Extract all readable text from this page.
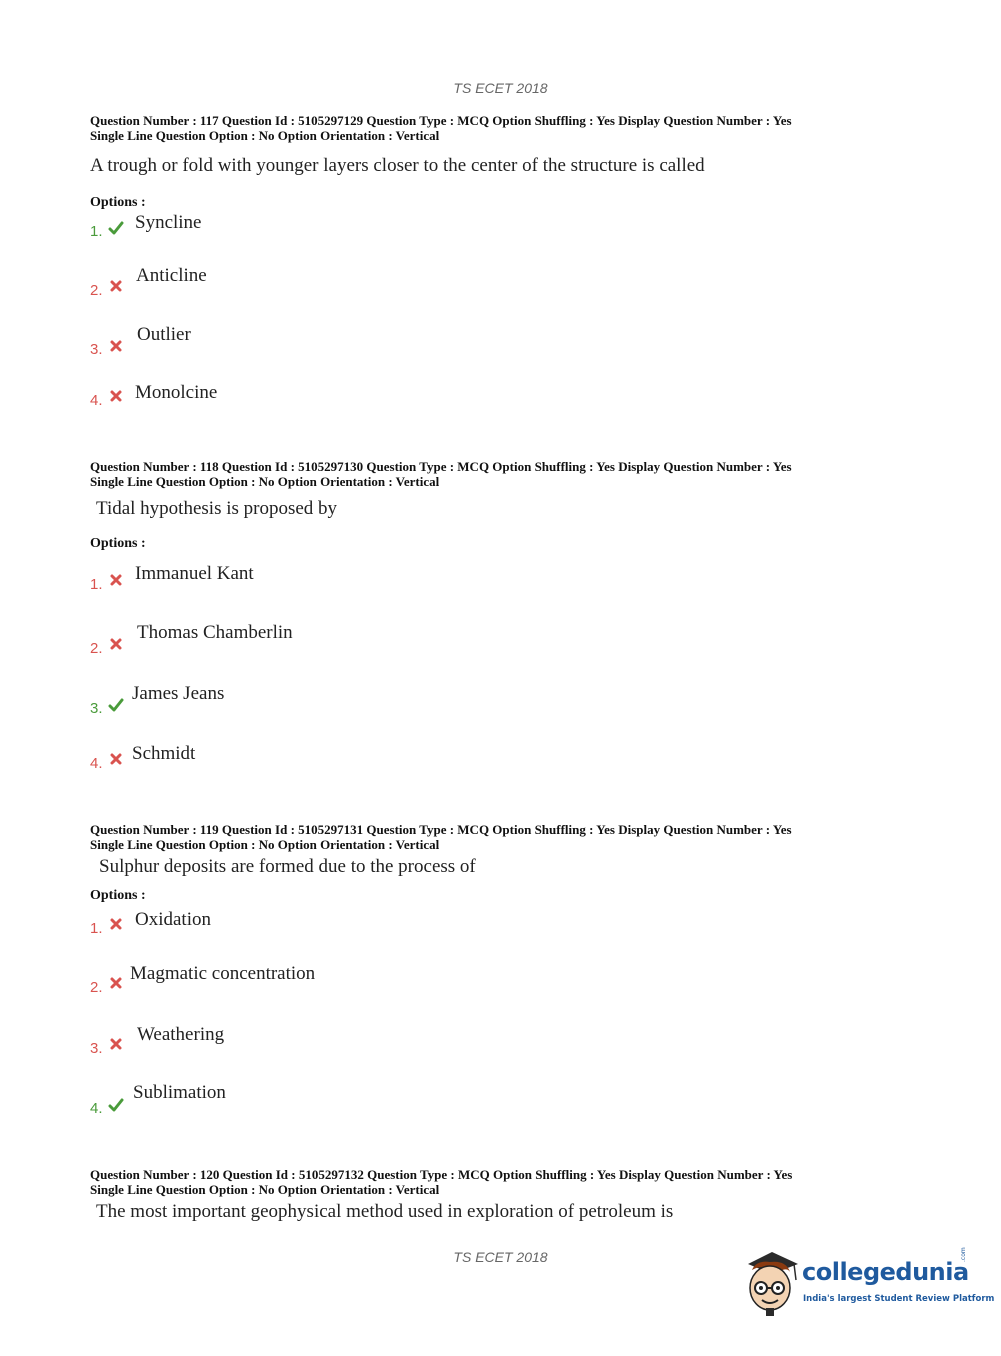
TS ECET 2018
Question Number : 117 Question Id : 5105297129 Question Type : MCQ Option Shuffling : Yes Display Question Number : Yes
Single Line Question Option : No Option Orientation : Vertical
A trough or fold with younger layers closer to the center of the structure is called
Options :
1. Syncline
2.
Anticline
3.
Outlier
4. Monolcine
Question Number : 118 Question Id : 5105297130 Question Type : MCQ Option Shuffling : Yes Display Question Number : Yes
Single Line Question Option : No Option Orientation : Vertical
Tidal hypothesis is proposed by
Options :
1.
Immanuel Kant
2.
Thomas Chamberlin
3.
James Jeans
4. Schmidt
Question Number : 119 Question Id : 5105297131 Question Type : MCQ Option Shuffling : Yes Display Question Number : Yes
Single Line Question Option : No Option Orientation : Vertical
Sulphur deposits are formed due to the process of
Options :
1. Oxidation
2.
Magmatic concentration
3.
Weathering
4.
Sublimation
Question Number : 120 Question Id : 5105297132 Question Type : MCQ Option Shuffling : Yes Display Question Number : Yes
Single Line Question Option : No Option Orientation : Vertical
The most important geophysical method used in exploration of petroleum is
TS ECET 2018
collegedunia
.com
India's largest Student Review Platform
